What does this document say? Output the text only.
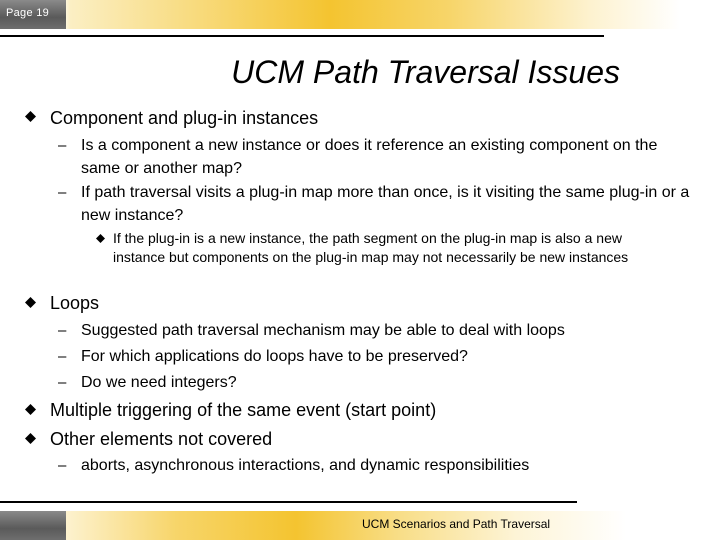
Page 19
UCM Path Traversal Issues
Component and plug-in instances
– Is a component a new instance or does it reference an existing component on the same or another map?
– If path traversal visits a plug-in map more than once, is it visiting the same plug-in or a new instance?
If the plug-in is a new instance, the path segment on the plug-in map is also a new instance but components on the plug-in map may not necessarily be new instances
Loops
– Suggested path traversal mechanism may be able to deal with loops
– For which applications do loops have to be preserved?
– Do we need integers?
Multiple triggering of the same event (start point)
Other elements not covered
– aborts, asynchronous interactions, and dynamic responsibilities
UCM Scenarios and Path Traversal
